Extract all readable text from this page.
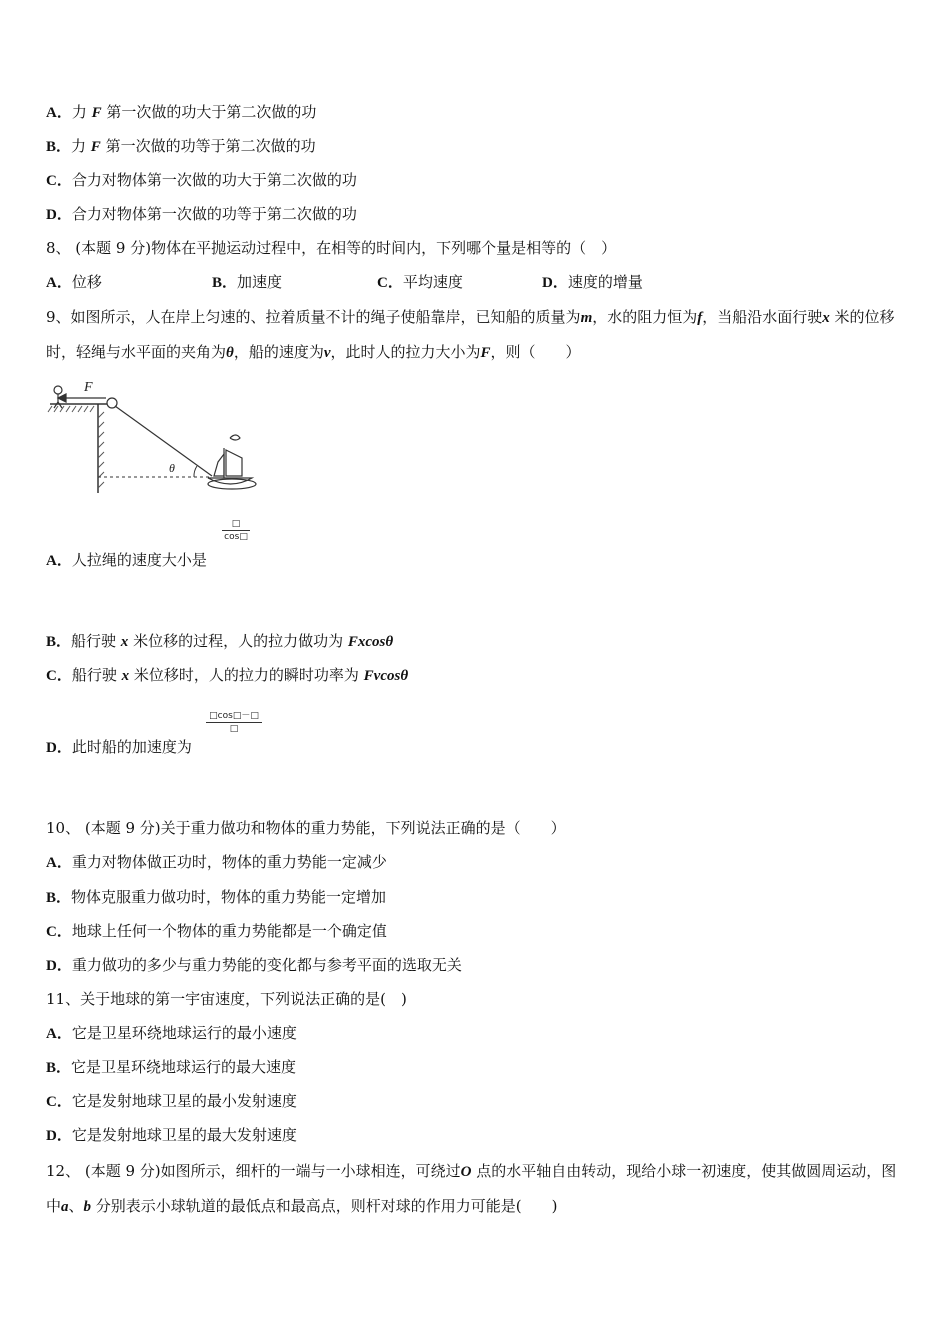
A．力 F 第一次做的功大于第二次做的功
B．力 F 第一次做的功等于第二次做的功
C．合力对物体第一次做的功大于第二次做的功
D．合力对物体第一次做的功等于第二次做的功
8、 (本题 9 分)物体在平抛运动过程中，在相等的时间内，下列哪个量是相等的（　）
A．位移	B．加速度	C．平均速度	D．速度的增量
9、如图所示，人在岸上匀速的、拉着质量不计的绳子使船靠岸，已知船的质量为m，水的阻力恒为f，当船沿水面行驶x 米的位移时，轻绳与水平面的夹角为θ，船的速度为v，此时人的拉力大小为F，则（　　）
F
θ
□
cos□
A．人拉绳的速度大小是
B．船行驶 x 米位移的过程，人的拉力做功为 Fxcosθ
C．船行驶 x 米位移时，人的拉力的瞬时功率为 Fvcosθ
□cos□－□
□
D．此时船的加速度为
10、 (本题 9 分)关于重力做功和物体的重力势能，下列说法正确的是（　　）
A．重力对物体做正功时，物体的重力势能一定减少
B．物体克服重力做功时，物体的重力势能一定增加
C．地球上任何一个物体的重力势能都是一个确定值
D．重力做功的多少与重力势能的变化都与参考平面的选取无关
11、关于地球的第一宇宙速度，下列说法正确的是(　)
A．它是卫星环绕地球运行的最小速度
B．它是卫星环绕地球运行的最大速度
C．它是发射地球卫星的最小发射速度
D．它是发射地球卫星的最大发射速度
12、 (本题 9 分)如图所示，细杆的一端与一小球相连，可绕过O 点的水平轴自由转动，现给小球一初速度，使其做圆周运动，图中a、b 分别表示小球轨道的最低点和最高点，则杆对球的作用力可能是(　　)
